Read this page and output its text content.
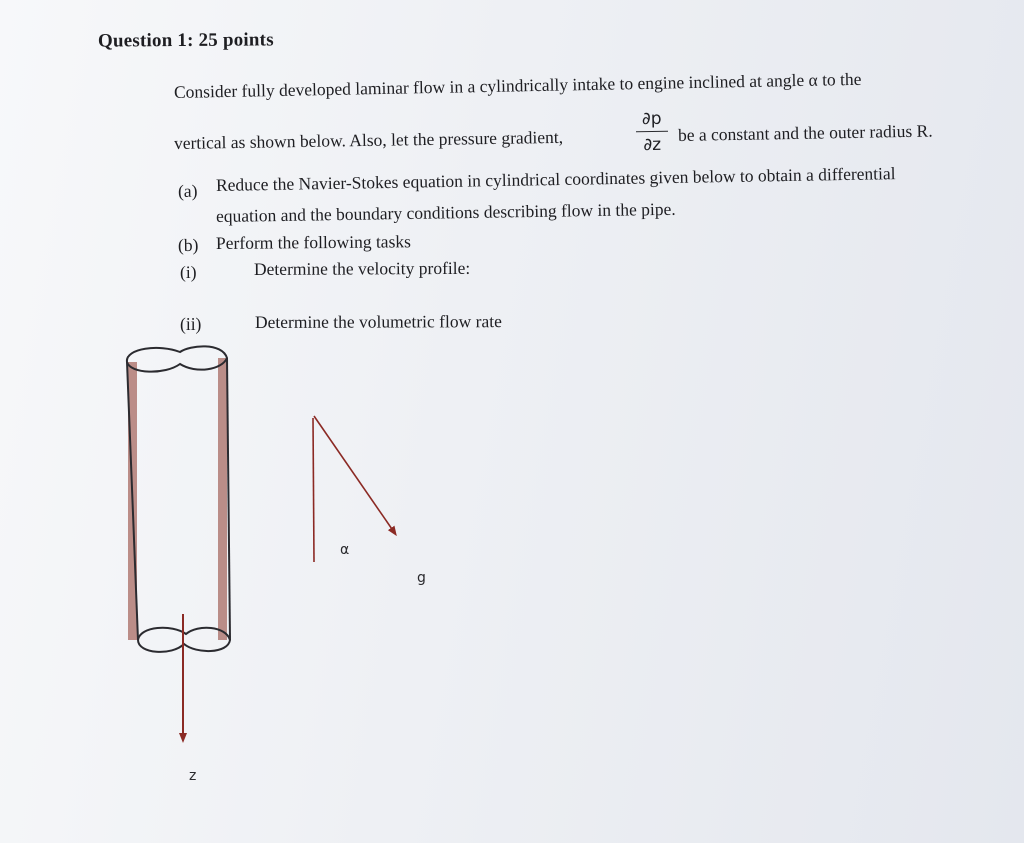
Question 1: 25 points
Consider fully developed laminar flow in a cylindrically intake to engine inclined at angle α to the
vertical as shown below. Also, let the pressure gradient,
∂p
∂z
be a constant and the outer radius R.
(a) Reduce the Navier-Stokes equation in cylindrical coordinates given below to obtain a differential
equation and the boundary conditions describing flow in the pipe.
(b) Perform the following tasks
(i)	Determine the velocity profile:
(ii)	Determine the volumetric flow rate
α
g
z
